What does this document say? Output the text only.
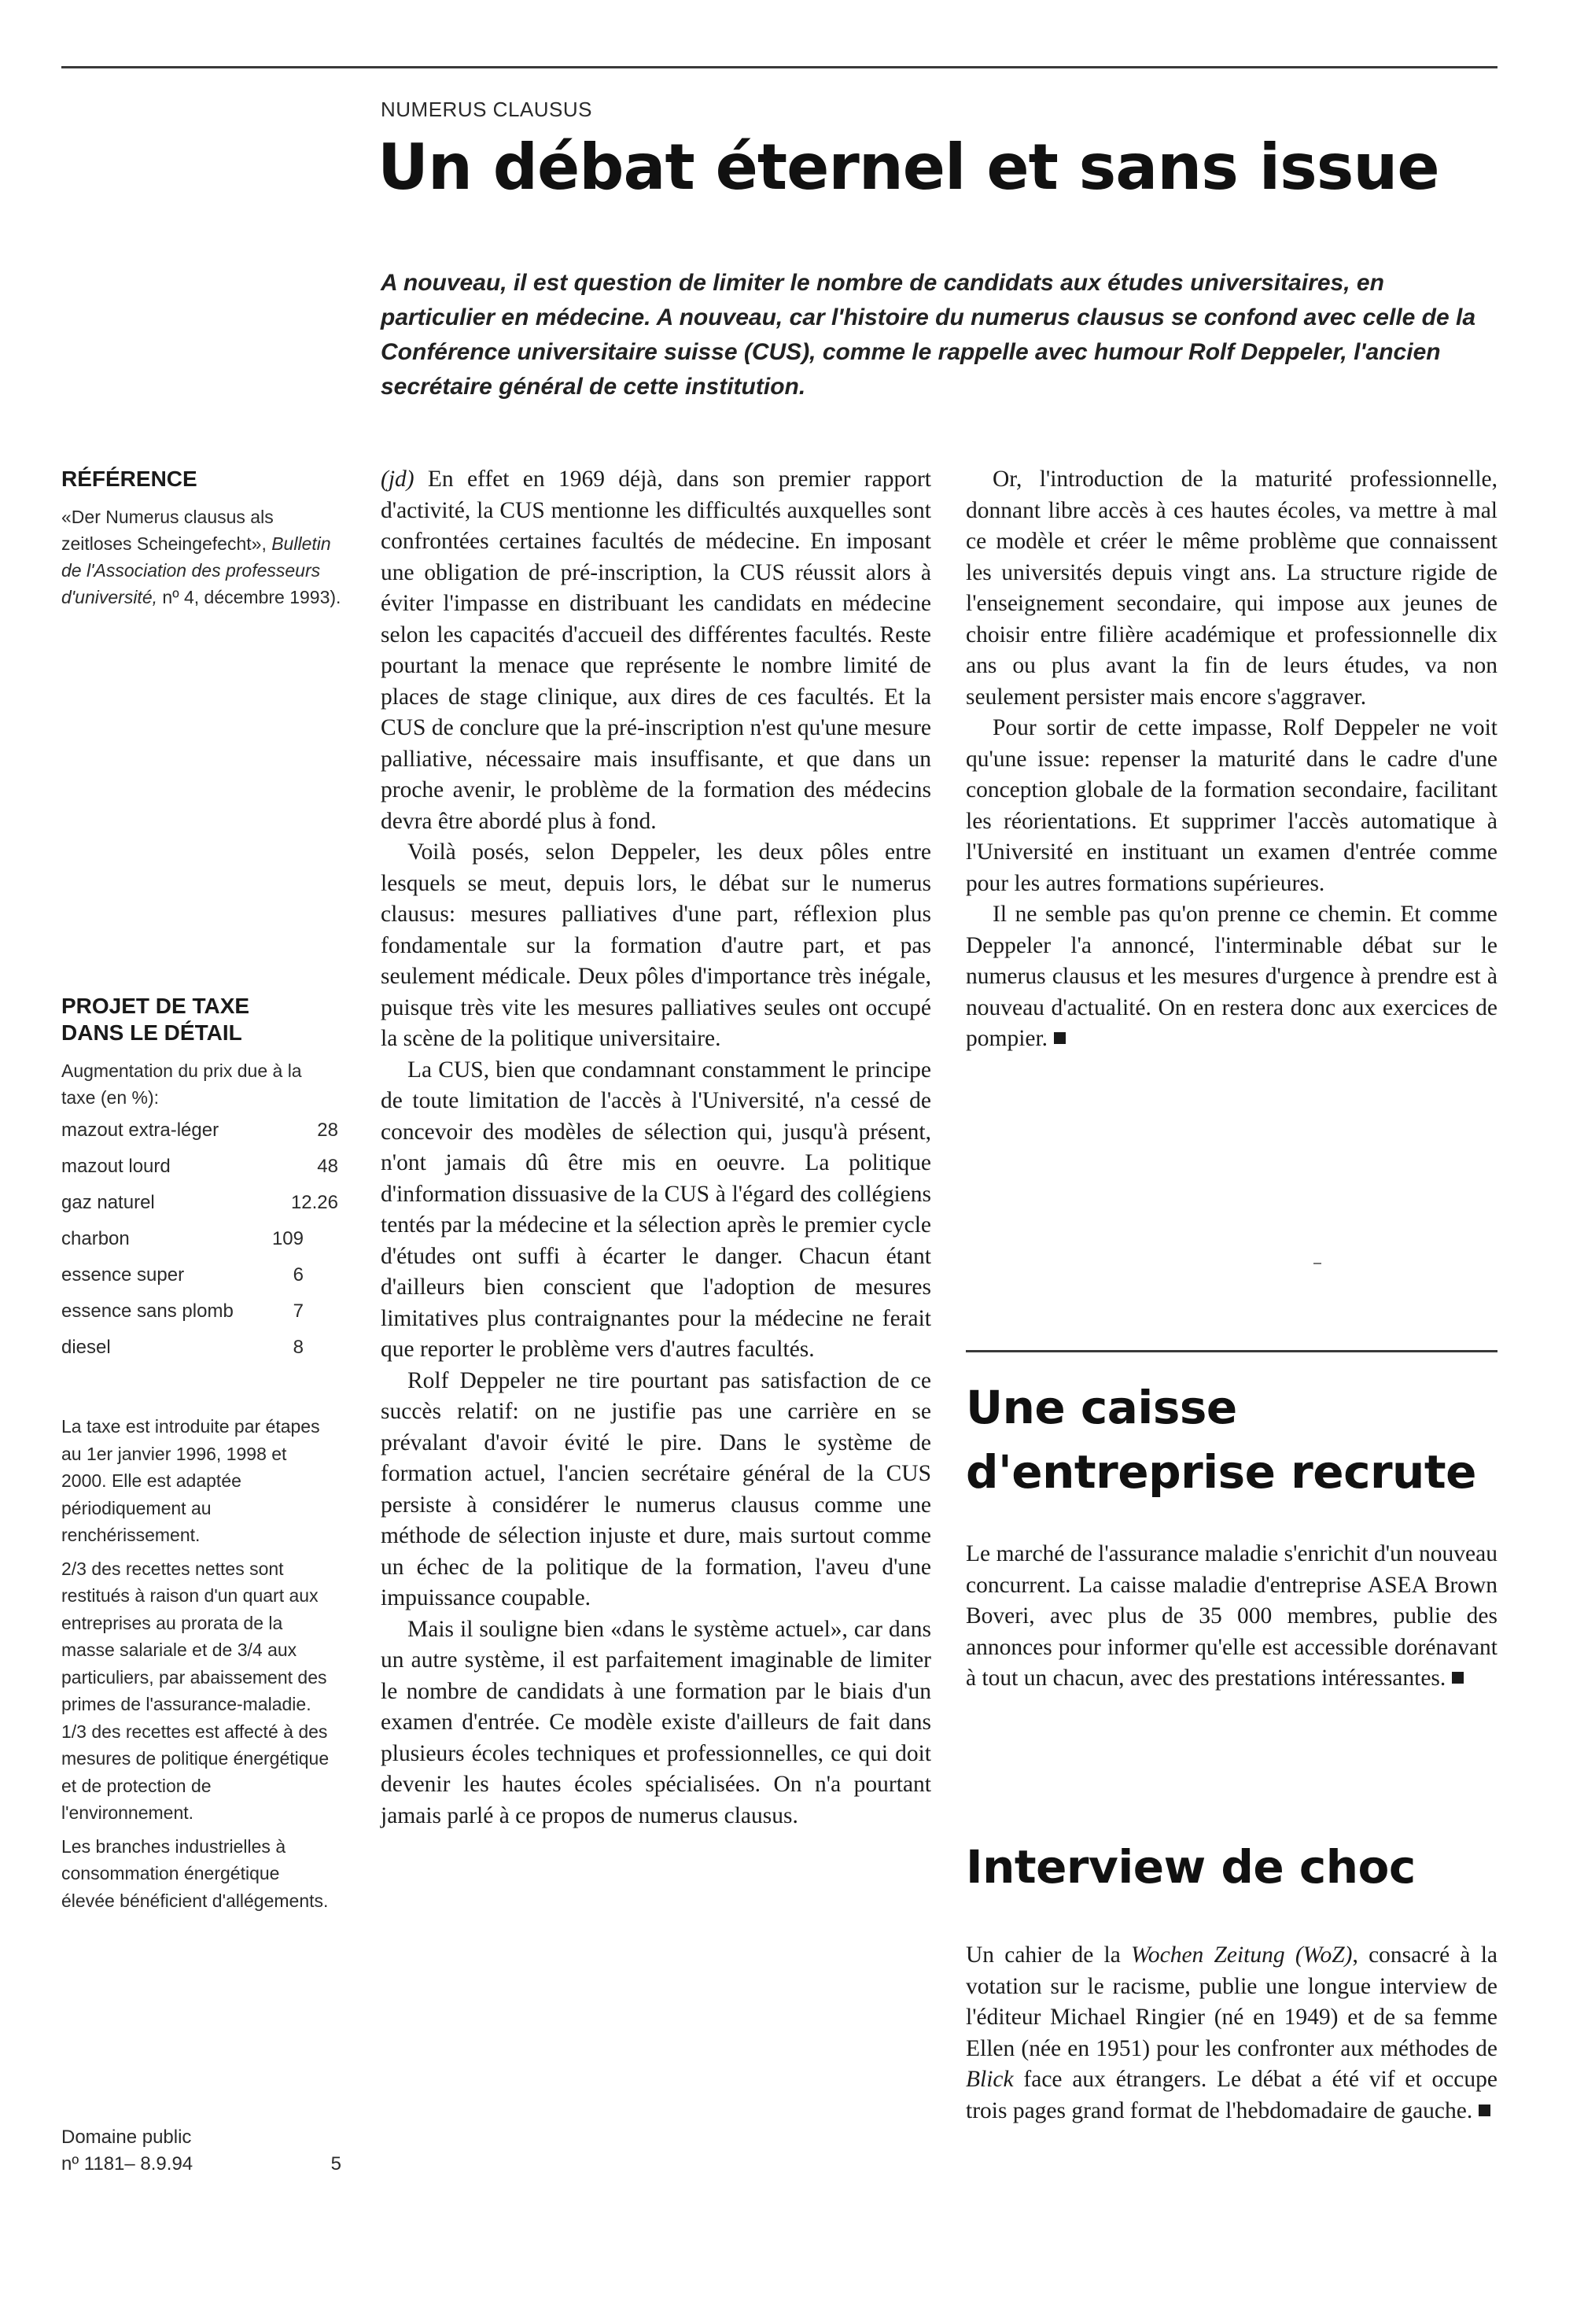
NUMERUS CLAUSUS
Un débat éternel et sans issue

A nouveau, il est question de limiter le nombre de candidats aux études universitaires, en particulier en médecine. A nouveau, car l'histoire du numerus clausus se confond avec celle de la Conférence universitaire suisse (CUS), comme le rappelle avec humour Rolf Deppeler, l'ancien secrétaire général de cette institution.

RÉFÉRENCE

«Der Numerus clausus als zeitloses Scheingefecht», Bulletin de l'Association des professeurs d'université, nº 4, décembre 1993).

PROJET DE TAXE DANS LE DÉTAIL

Augmentation du prix due à la taxe (en %):

mazout extra-léger	28
mazout lourd	48
gaz naturel	12.26
charbon	109
essence super	6
essence sans plomb	7
diesel	8

La taxe est introduite par étapes au 1er janvier 1996, 1998 et 2000. Elle est adaptée périodiquement au renchérissement.

2/3 des recettes nettes sont restitués à raison d'un quart aux entreprises au prorata de la masse salariale et de 3/4 aux particuliers, par abaissement des primes de l'assurance-maladie. 1/3 des recettes est affecté à des mesures de politique énergétique et de protection de l'environnement.

Les branches industrielles à consommation énergétique élevée bénéficient d'allégements.

Domaine public
nº 1181– 8.9.94	5

(jd) En effet en 1969 déjà, dans son premier rapport d'activité, la CUS mentionne les difficultés auxquelles sont confrontées certaines facultés de médecine. En imposant une obligation de pré-inscription, la CUS réussit alors à éviter l'impasse en distribuant les candidats en médecine selon les capacités d'accueil des différentes facultés. Reste pourtant la menace que représente le nombre limité de places de stage clinique, aux dires de ces facultés. Et la CUS de conclure que la pré-inscription n'est qu'une mesure palliative, nécessaire mais insuffisante, et que dans un proche avenir, le problème de la formation des médecins devra être abordé plus à fond.

Voilà posés, selon Deppeler, les deux pôles entre lesquels se meut, depuis lors, le débat sur le numerus clausus: mesures palliatives d'une part, réflexion plus fondamentale sur la formation d'autre part, et pas seulement médicale. Deux pôles d'importance très inégale, puisque très vite les mesures palliatives seules ont occupé la scène de la politique universitaire.

La CUS, bien que condamnant constamment le principe de toute limitation de l'accès à l'Université, n'a cessé de concevoir des modèles de sélection qui, jusqu'à présent, n'ont jamais dû être mis en oeuvre. La politique d'information dissuasive de la CUS à l'égard des collégiens tentés par la médecine et la sélection après le premier cycle d'études ont suffi à écarter le danger. Chacun étant d'ailleurs bien conscient que l'adoption de mesures limitatives plus contraignantes pour la médecine ne ferait que reporter le problème vers d'autres facultés.

Rolf Deppeler ne tire pourtant pas satisfaction de ce succès relatif: on ne justifie pas une carrière en se prévalant d'avoir évité le pire. Dans le système de formation actuel, l'ancien secrétaire général de la CUS persiste à considérer le numerus clausus comme une méthode de sélection injuste et dure, mais surtout comme un échec de la politique de la formation, l'aveu d'une impuissance coupable.

Mais il souligne bien «dans le système actuel», car dans un autre système, il est parfaitement imaginable de limiter le nombre de candidats à une formation par le biais d'un examen d'entrée. Ce modèle existe d'ailleurs de fait dans plusieurs écoles techniques et professionnelles, ce qui doit devenir les hautes écoles spécialisées. On n'a pourtant jamais parlé à ce propos de numerus clausus.

Or, l'introduction de la maturité professionnelle, donnant libre accès à ces hautes écoles, va mettre à mal ce modèle et créer le même problème que connaissent les universités depuis vingt ans. La structure rigide de l'enseignement secondaire, qui impose aux jeunes de choisir entre filière académique et professionnelle dix ans ou plus avant la fin de leurs études, va non seulement persister mais encore s'aggraver.

Pour sortir de cette impasse, Rolf Deppeler ne voit qu'une issue: repenser la maturité dans le cadre d'une conception globale de la formation secondaire, facilitant les réorientations. Et supprimer l'accès automatique à l'Université en instituant un examen d'entrée comme pour les autres formations supérieures.

Il ne semble pas qu'on prenne ce chemin. Et comme Deppeler l'a annoncé, l'interminable débat sur le numerus clausus et les mesures d'urgence à prendre est à nouveau d'actualité. On en restera donc aux exercices de pompier.

Une caisse d'entreprise recrute

Le marché de l'assurance maladie s'enrichit d'un nouveau concurrent. La caisse maladie d'entreprise ASEA Brown Boveri, avec plus de 35 000 membres, publie des annonces pour informer qu'elle est accessible dorénavant à tout un chacun, avec des prestations intéressantes.

Interview de choc

Un cahier de la Wochen Zeitung (WoZ), consacré à la votation sur le racisme, publie une longue interview de l'éditeur Michael Ringier (né en 1949) et de sa femme Ellen (née en 1951) pour les confronter aux méthodes de Blick face aux étrangers. Le débat a été vif et occupe trois pages grand format de l'hebdomadaire de gauche.
